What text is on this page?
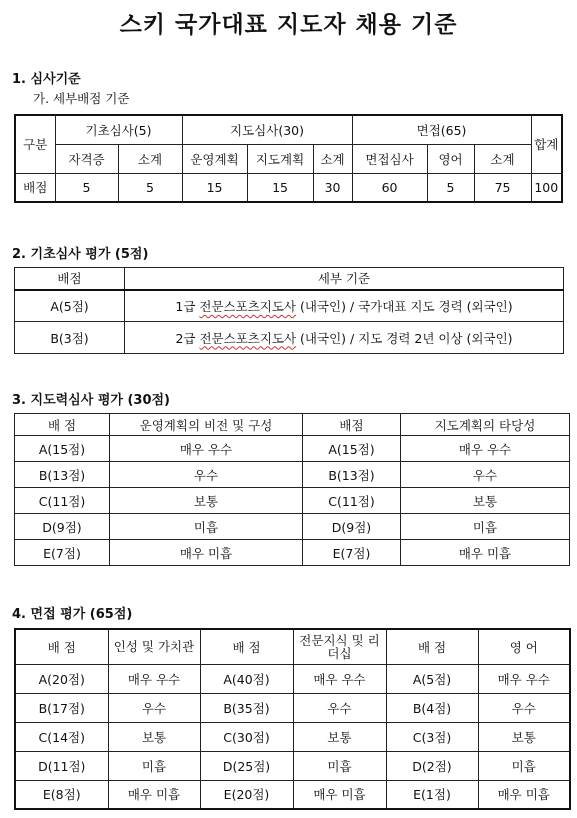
스키 국가대표 지도자 채용 기준
1. 심사기준
가. 세부배점 기준
구분	기초심사(5)		지도심사(30)			면접(65)			합계
	자격증	소계	운영계획	지도계획	소계	면접심사	영어	소계	
배점	5	5	15	15	30	60	5	75	100
2. 기초심사 평가 (5점)
배점	세부 기준
A(5점)	1급 전문스포츠지도사 (내국인) / 국가대표 지도 경력 (외국인)
B(3점)	2급 전문스포츠지도사 (내국인) / 지도 경력 2년 이상 (외국인)
3. 지도력심사 평가 (30점)
배 점	운영계획의 비전 및 구성	배점	지도계획의 타당성
A(15점)	매우 우수	A(15점)	매우 우수
B(13점)	우수	B(13점)	우수
C(11점)	보통	C(11점)	보통
D(9점)	미흡	D(9점)	미흡
E(7점)	매우 미흡	E(7점)	매우 미흡
4. 면접 평가 (65점)
배 점	인성 및 가치관	배 점	전문지식 및 리더십	배 점	영 어
A(20점)	매우 우수	A(40점)	매우 우수	A(5점)	매우 우수
B(17점)	우수	B(35점)	우수	B(4점)	우수
C(14점)	보통	C(30점)	보통	C(3점)	보통
D(11점)	미흡	D(25점)	미흡	D(2점)	미흡
E(8점)	매우 미흡	E(20점)	매우 미흡	E(1점)	매우 미흡
